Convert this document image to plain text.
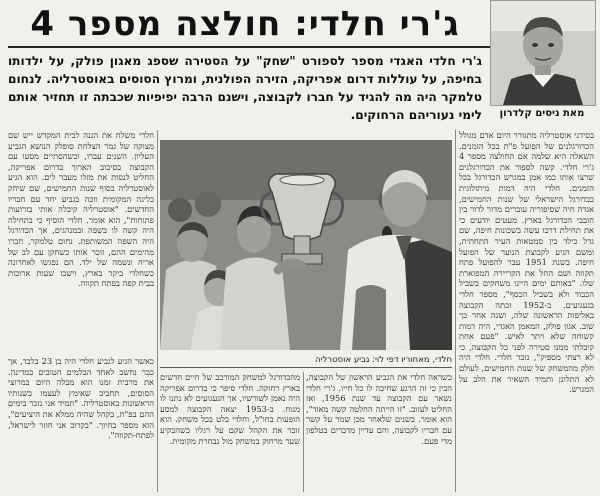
ג'רי חלדי: חולצה מספר 4
ג'רי חלדי האגדי מספר לספורט "שחק" על הסטירה שספג מאגון פולק, על ילדותו בחיפה, על עוללות דרום אפריקה, הזירה הפולנית, ומרוץ הסוסים באוסטרליה. לנחום טלמקר היה מה להגיד על חברו לקבוצה, וישנם הרבה יפיפיות שכבתה זו תחזיר אותם לימי נעוריהם הרחוקים.	מאת ניסים קלדרון
חלדי, מאחוריו דפי לוי: גביע אוסטרליה
בסידני אוסטרליה מתגורר היום אדם מגולל הכדורגלנים של הפועל פ"ת בכל הזמנים. השאלה היא שלמה אם החולצה מספר 4 ג'רי חלדי. קשה לספור את הכדורגלנים שרצו אותו כמו אמן במגרש הכדורגל בכל הזמנים. חלדי היה דמות מיתולוגית בכדורגל הישראלי של שנות החמישים, אגדה חיה שסיפוריה עוברים מדור לדור בין חובבי הכדורגל בארץ. מעטים יודעים כי את תחילת דרכו עשה בשכונות חיפה, שם גדל כילד בין סמטאות העיר התחתית, ומשם הגיע לקבוצת הנוער של הפועל חיפה. בשנת 1951 עבר להפועל פתח תקווה ושם החל את הקריירה המפוארת שלו. "באותם ימים היינו משחקים בשביל הכבוד ולא בשביל הכסף", מספר חלדי בגעגועים. ב-1952 זכתה הקבוצה באליפות הראשונה שלה, ושנה אחר כך שוב. אגון פולק, המאמן האגדי, היה דמות קשוחה שלא ויתר לאיש. "פעם אחת קיבלתי ממנו סטירה לפני כל הקבוצה, כי לא רצתי מספיק", נזכר חלדי. חלדי היה חלק מהמשחק של שנות החמישים, לעולם לא התלונן ותמיד השאיר את הלב על המגרש.
חלדי משלח את הגנה לבית המקדש ייש שם מצוקה של גמר הצלחת סופלק הנושא הגביע העליון. השנים עברו, וכשהסתיים מסעו עם הקבוצה בסיבוב הארוך בדרום אפריקה, החליט לנסות את מזלו מעבר לים. הוא הגיע לאוסטרליה בסוף שנות החמישים, שם שיחק בליגה המקומית וזכה בגביע יחד עם חבריו החדשים. "אוסטרליה קיבלה אותי בזרועות פתוחות", הוא אומר. חלדי הוסיף כי בתחילה היה קשה לו בשפה ובמנהגים, אך הכדורגל היה השפה המשותפת. נחום טלמקר, חברו מהימים ההם, זוכר אותו כשחקן עם לב של אריה ונשמה של ילד. הם נפגשו לאחרונה כשחלדי ביקר בארץ, וישבו שעות ארוכות בבית קפה בפתח תקווה.
כאשר הגיע לגביע חלדי היה בן 23 בלבד, אך כבר נחשב לאחד הבלמים הטובים במדינה. את מרבית זמנו הוא מבלה היום במרוצי הסוסים, תחביב שאימץ לעצמו בשנותיו הראשונות באוסטרליה. "תמיד אני נזכר בימים ההם בפ"ת, בקהל שהיה ממלא את היציעים", הוא מספר בחיוך. "בקרוב אני חוזר לישראל, לפתח-תקווה".
מהכדורגל למשחק המורכב של חיים חדשים בארץ רחוקה. חלדי סיפר כי בדרום אפריקה היה נאמן לשורשיו, אך הגעגועים לא נתנו לו מנוח. ב-1953 יצאה הקבוצה למסע הופעות בחו"ל, וחלדי בלט בכל משחק. הוא זוכר את הקהל שקם על רגליו כשהבקיע שער מרחוק במשחק מול נבחרת מקומית.
כשראה חלדי את הגביע הראשון של הקבוצה, הבין כי זה הרגע שחיכה לו כל חייו. ג'רי חלדי נשאר עם הקבוצה עד שנת 1956, ואז החליט לעזוב. "זו הייתה החלטה קשה מאוד", הוא אומר. בשנים שלאחר מכן שמר על קשר עם חבריו לקבוצה, והם עדיין מדברים בטלפון מדי פעם.
